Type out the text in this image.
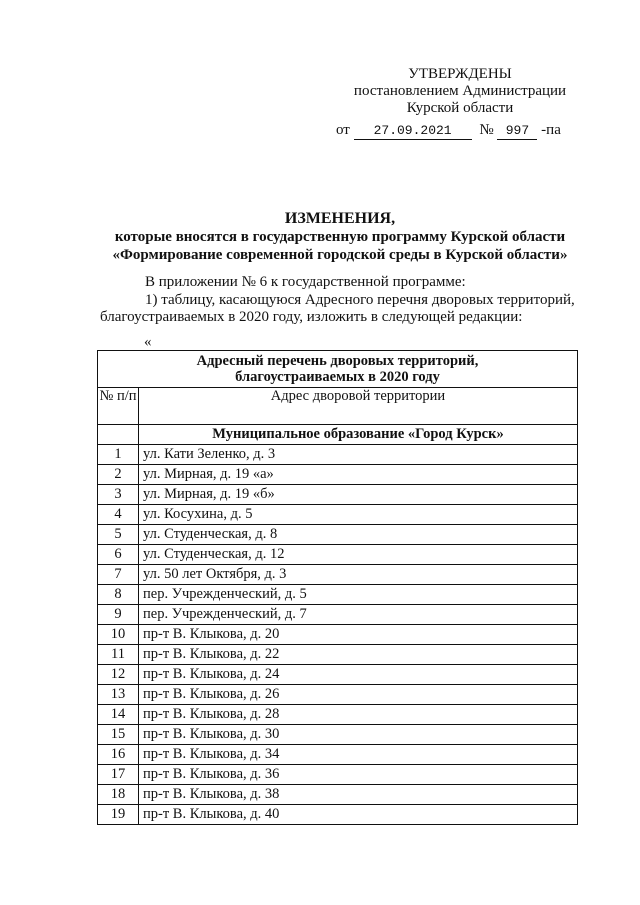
УТВЕРЖДЕНЫ
постановлением Администрации
Курской области
от 27.09.2021 № 997 -па
ИЗМЕНЕНИЯ,
которые вносятся в государственную программу Курской области
«Формирование современной городской среды в Курской области»

В приложении № 6 к государственной программе:

1) таблицу, касающуюся Адресного перечня дворовых территорий, благоустраиваемых в 2020 году, изложить в следующей редакции:

«
Адресный перечень дворовых территорий,
благоустраиваемых в 2020 году	

№ п/п	Адрес дворовой территории
	Муниципальное образование «Город Курск»
1	ул. Кати Зеленко, д. 3
2	ул. Мирная, д. 19 «а»
3	ул. Мирная, д. 19 «б»
4	ул. Косухина, д. 5
5	ул. Студенческая, д. 8
6	ул. Студенческая, д. 12
7	ул. 50 лет Октября, д. 3
8	пер. Учрежденческий, д. 5
9	пер. Учрежденческий, д. 7
10	пр-т В. Клыкова, д. 20
11	пр-т В. Клыкова, д. 22
12	пр-т В. Клыкова, д. 24
13	пр-т В. Клыкова, д. 26
14	пр-т В. Клыкова, д. 28
15	пр-т В. Клыкова, д. 30
16	пр-т В. Клыкова, д. 34
17	пр-т В. Клыкова, д. 36
18	пр-т В. Клыкова, д. 38
19	пр-т В. Клыкова, д. 40
